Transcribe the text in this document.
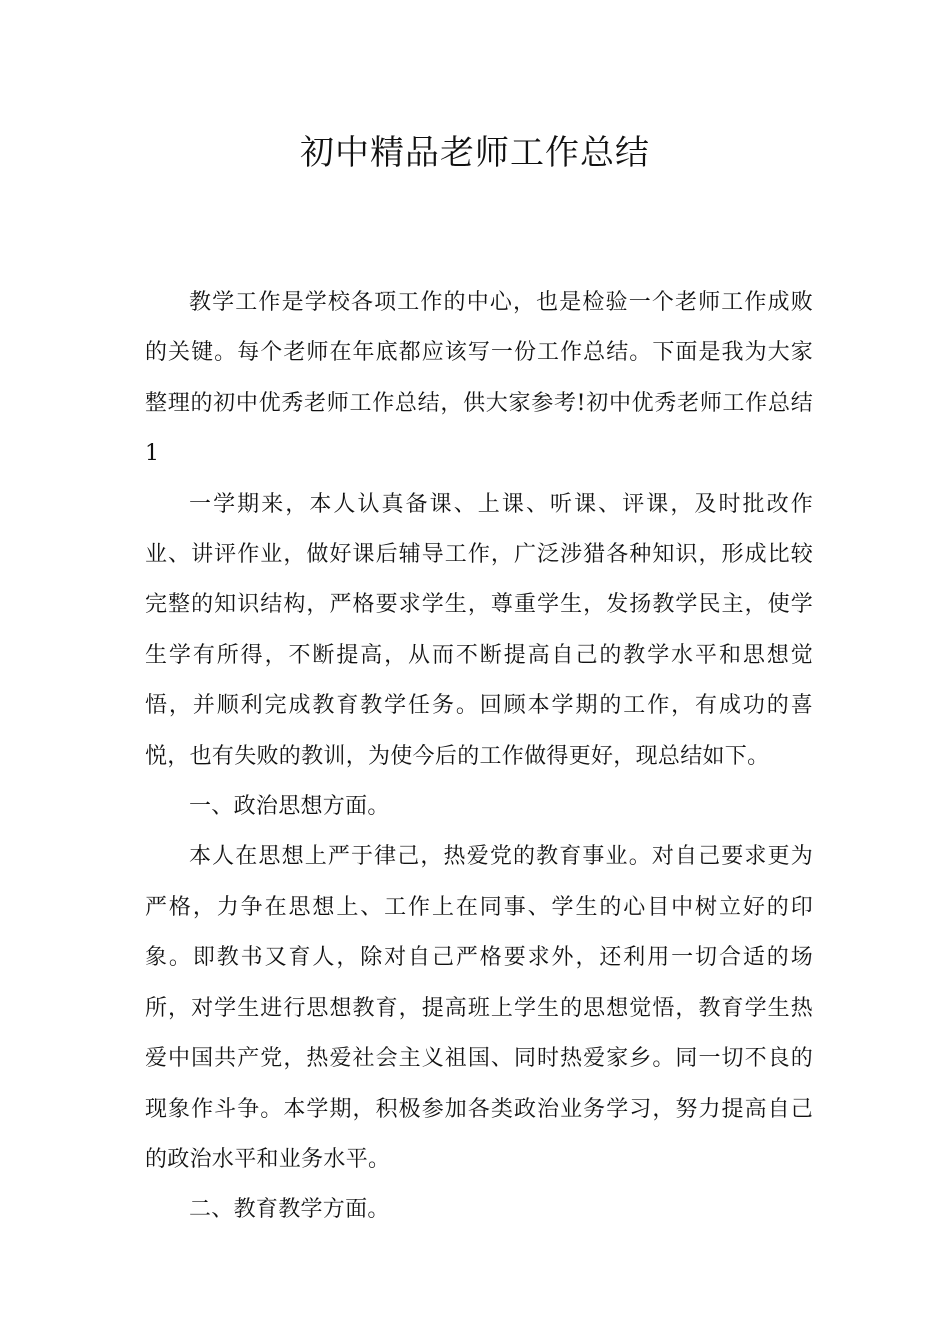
初中精品老师工作总结

教学工作是学校各项工作的中心，也是检验一个老师工作成败的关键。每个老师在年底都应该写一份工作总结。下面是我为大家整理的初中优秀老师工作总结，供大家参考!初中优秀老师工作总结1

一学期来，本人认真备课、上课、听课、评课，及时批改作业、讲评作业，做好课后辅导工作，广泛涉猎各种知识，形成比较完整的知识结构，严格要求学生，尊重学生，发扬教学民主，使学生学有所得，不断提高，从而不断提高自己的教学水平和思想觉悟，并顺利完成教育教学任务。回顾本学期的工作，有成功的喜悦，也有失败的教训，为使今后的工作做得更好，现总结如下。

一、政治思想方面。

本人在思想上严于律己，热爱党的教育事业。对自己要求更为严格，力争在思想上、工作上在同事、学生的心目中树立好的印象。即教书又育人，除对自己严格要求外，还利用一切合适的场所，对学生进行思想教育，提高班上学生的思想觉悟，教育学生热爱中国共产党，热爱社会主义祖国、同时热爱家乡。同一切不良的现象作斗争。本学期，积极参加各类政治业务学习，努力提高自己的政治水平和业务水平。

二、教育教学方面。
